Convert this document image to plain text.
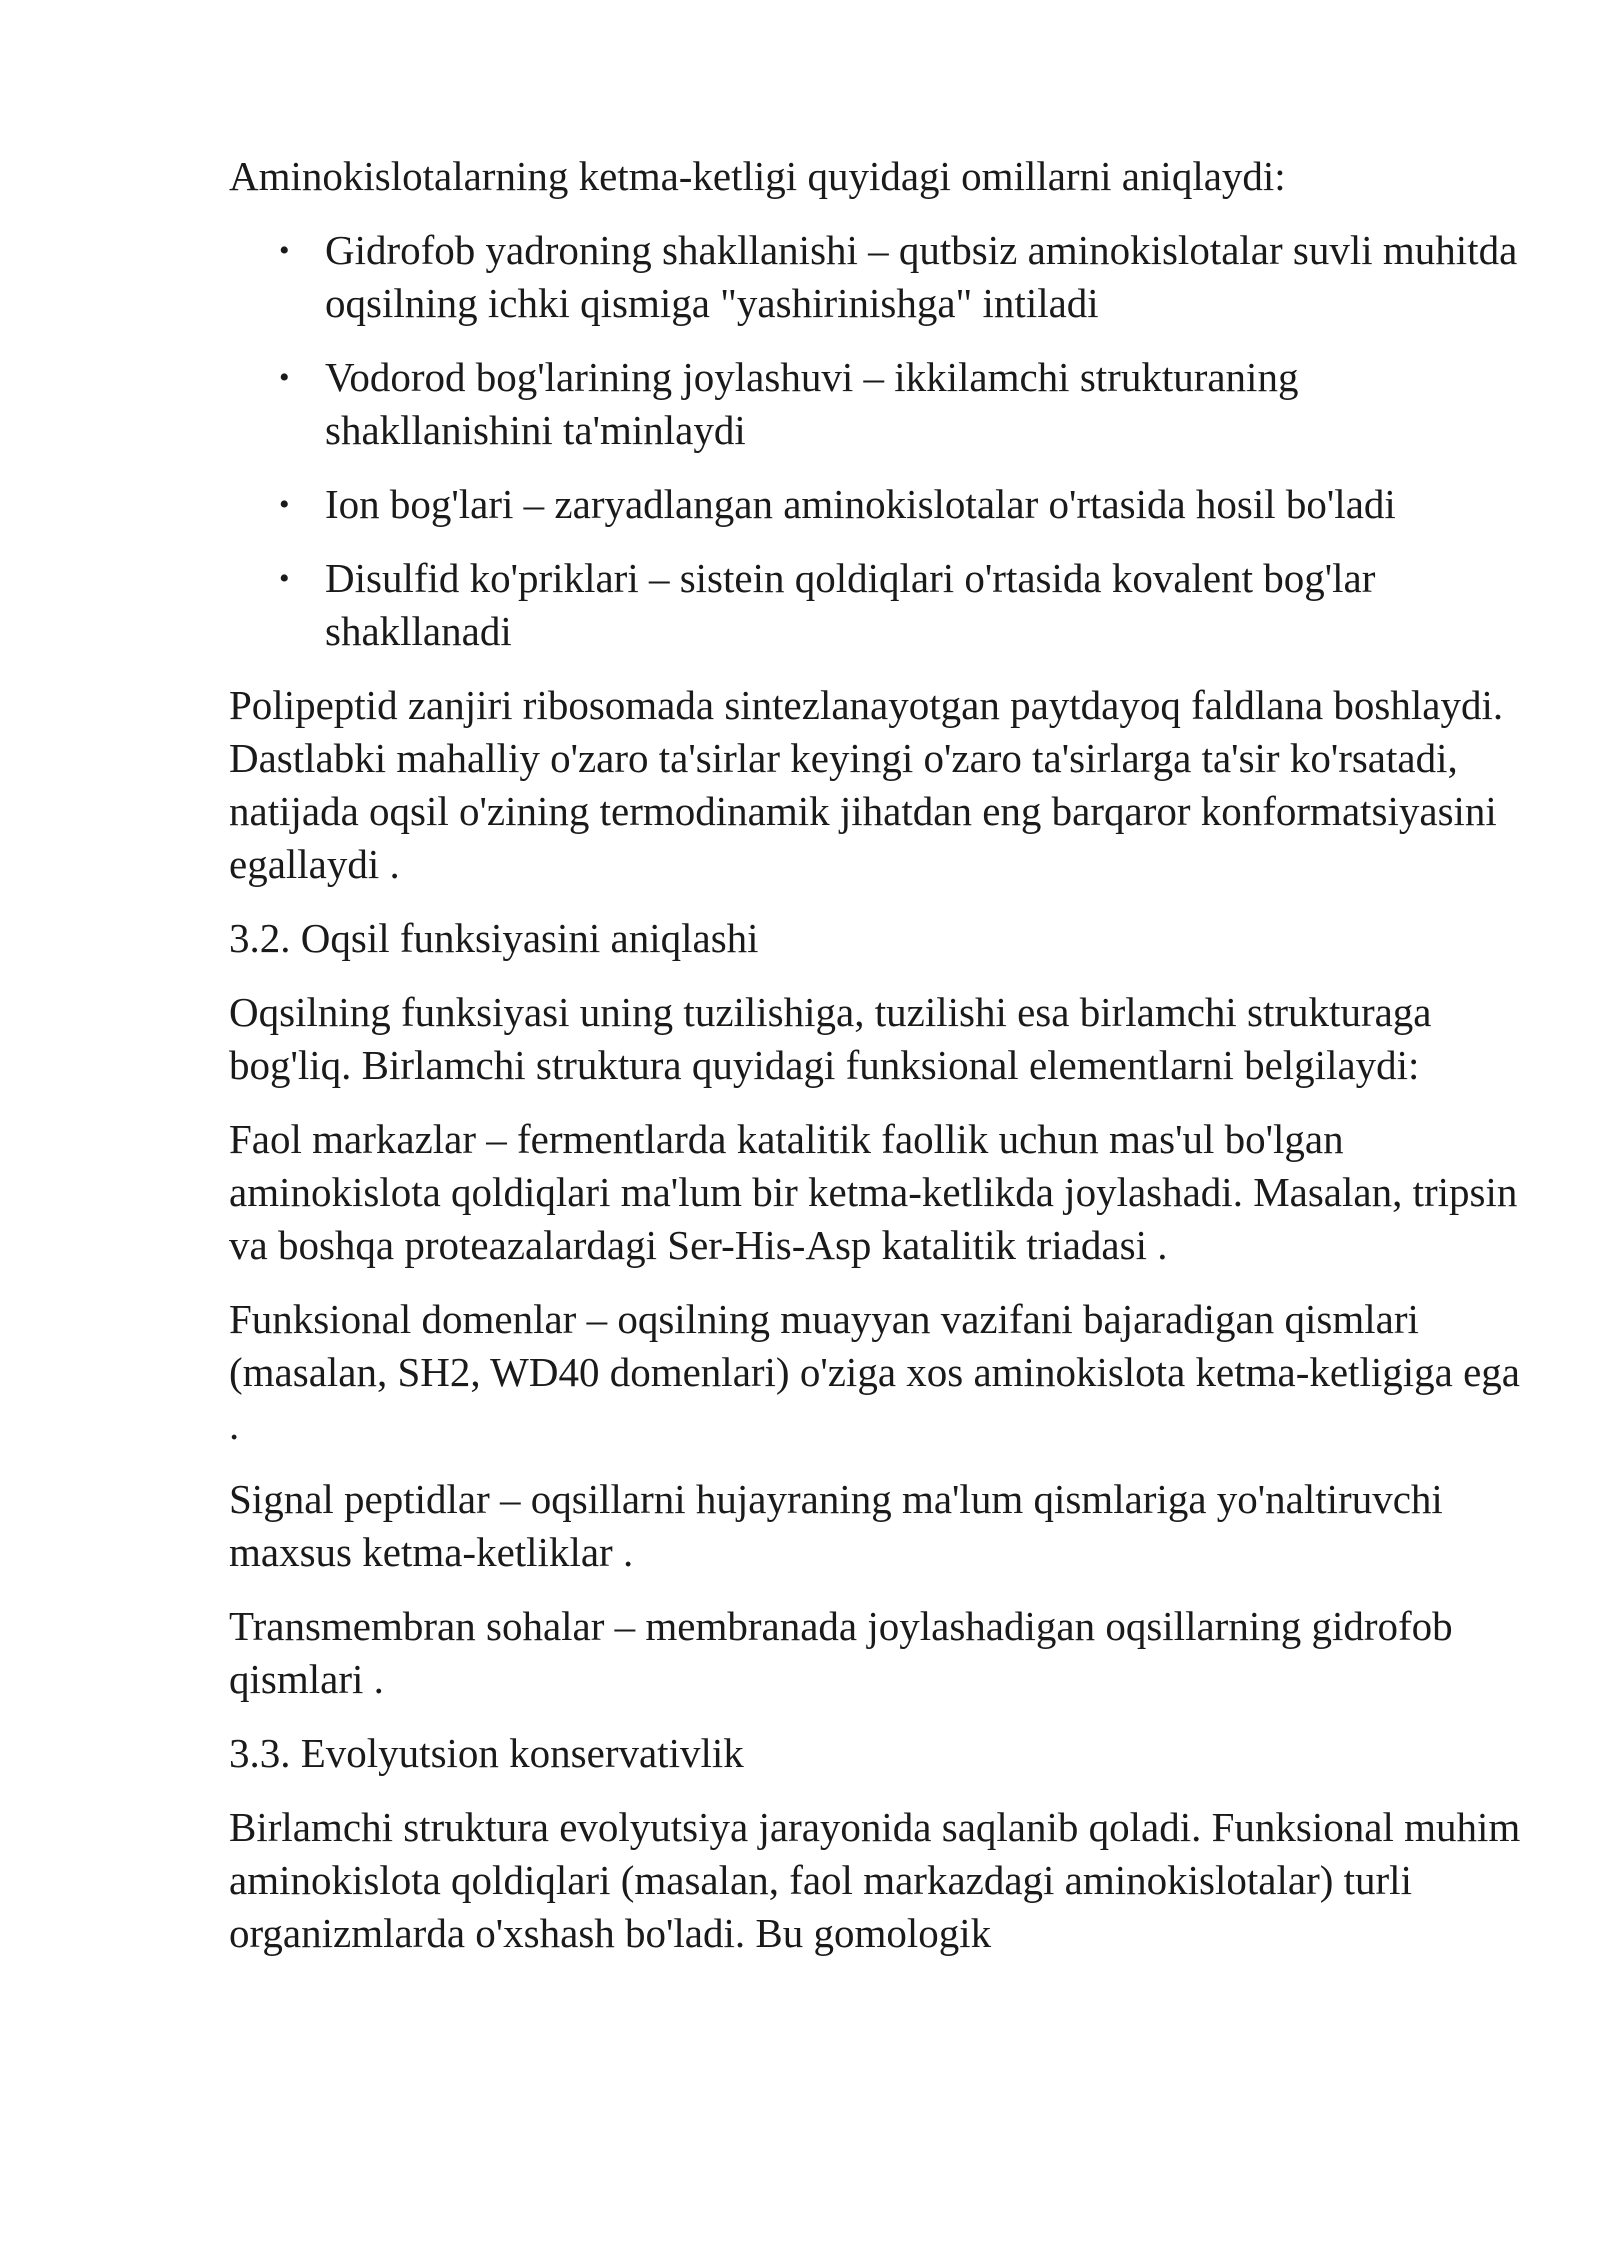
Aminokislotalarning ketma-ketligi quyidagi omillarni aniqlaydi:

• Gidrofob yadroning shakllanishi – qutbsiz aminokislotalar suvli muhitda oqsilning ichki qismiga "yashirinishga" intiladi
• Vodorod bog'larining joylashuvi – ikkilamchi strukturaning shakllanishini ta'minlaydi
• Ion bog'lari – zaryadlangan aminokislotalar o'rtasida hosil bo'ladi
• Disulfid ko'priklari – sistein qoldiqlari o'rtasida kovalent bog'lar shakllanadi

Polipeptid zanjiri ribosomada sintezlanayotgan paytdayoq faldlana boshlaydi. Dastlabki mahalliy o'zaro ta'sirlar keyingi o'zaro ta'sirlarga ta'sir ko'rsatadi, natijada oqsil o'zining termodinamik jihatdan eng barqaror konformatsiyasini egallaydi .

3.2. Oqsil funksiyasini aniqlashi

Oqsilning funksiyasi uning tuzilishiga, tuzilishi esa birlamchi strukturaga bog'liq. Birlamchi struktura quyidagi funksional elementlarni belgilaydi:

Faol markazlar – fermentlarda katalitik faollik uchun mas'ul bo'lgan aminokislota qoldiqlari ma'lum bir ketma-ketlikda joylashadi. Masalan, tripsin va boshqa proteazalardagi Ser-His-Asp katalitik triadasi .

Funksional domenlar – oqsilning muayyan vazifani bajaradigan qismlari (masalan, SH2, WD40 domenlari) o'ziga xos aminokislota ketma-ketligiga ega .

Signal peptidlar – oqsillarni hujayraning ma'lum qismlariga yo'naltiruvchi maxsus ketma-ketliklar .

Transmembran sohalar – membranada joylashadigan oqsillarning gidrofob qismlari .

3.3. Evolyutsion konservativlik

Birlamchi struktura evolyutsiya jarayonida saqlanib qoladi. Funksional muhim aminokislota qoldiqlari (masalan, faol markazdagi aminokislotalar) turli organizmlarda o'xshash bo'ladi. Bu gomologik
